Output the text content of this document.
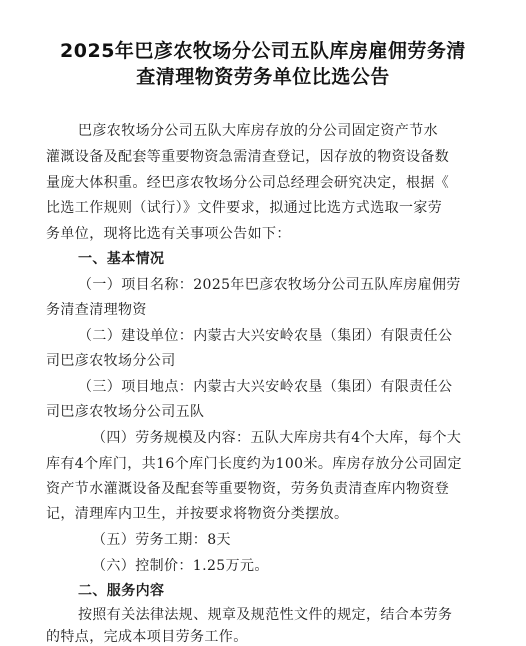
2025年巴彦农牧场分公司五队库房雇佣劳务清
查清理物资劳务单位比选公告
巴彦农牧场分公司五队大库房存放的分公司固定资产节水
灌溉设备及配套等重要物资急需清查登记，因存放的物资设备数
量庞大体积重。经巴彦农牧场分公司总经理会研究决定，根据《
比选工作规则（试行）》文件要求，拟通过比选方式选取一家劳
务单位，现将比选有关事项公告如下：
一、基本情况
（一）项目名称：2025年巴彦农牧场分公司五队库房雇佣劳
务清查清理物资
（二）建设单位：内蒙古大兴安岭农垦（集团）有限责任公
司巴彦农牧场分公司
（三）项目地点：内蒙古大兴安岭农垦（集团）有限责任公
司巴彦农牧场分公司五队
（四）劳务规模及内容：五队大库房共有4个大库，每个大
库有4个库门，共16个库门长度约为100米。库房存放分公司固定
资产节水灌溉设备及配套等重要物资，劳务负责清查库内物资登
记，清理库内卫生，并按要求将物资分类摆放。
（五）劳务工期：8天
（六）控制价：1.25万元。
二、服务内容
按照有关法律法规、规章及规范性文件的规定，结合本劳务
的特点，完成本项目劳务工作。
